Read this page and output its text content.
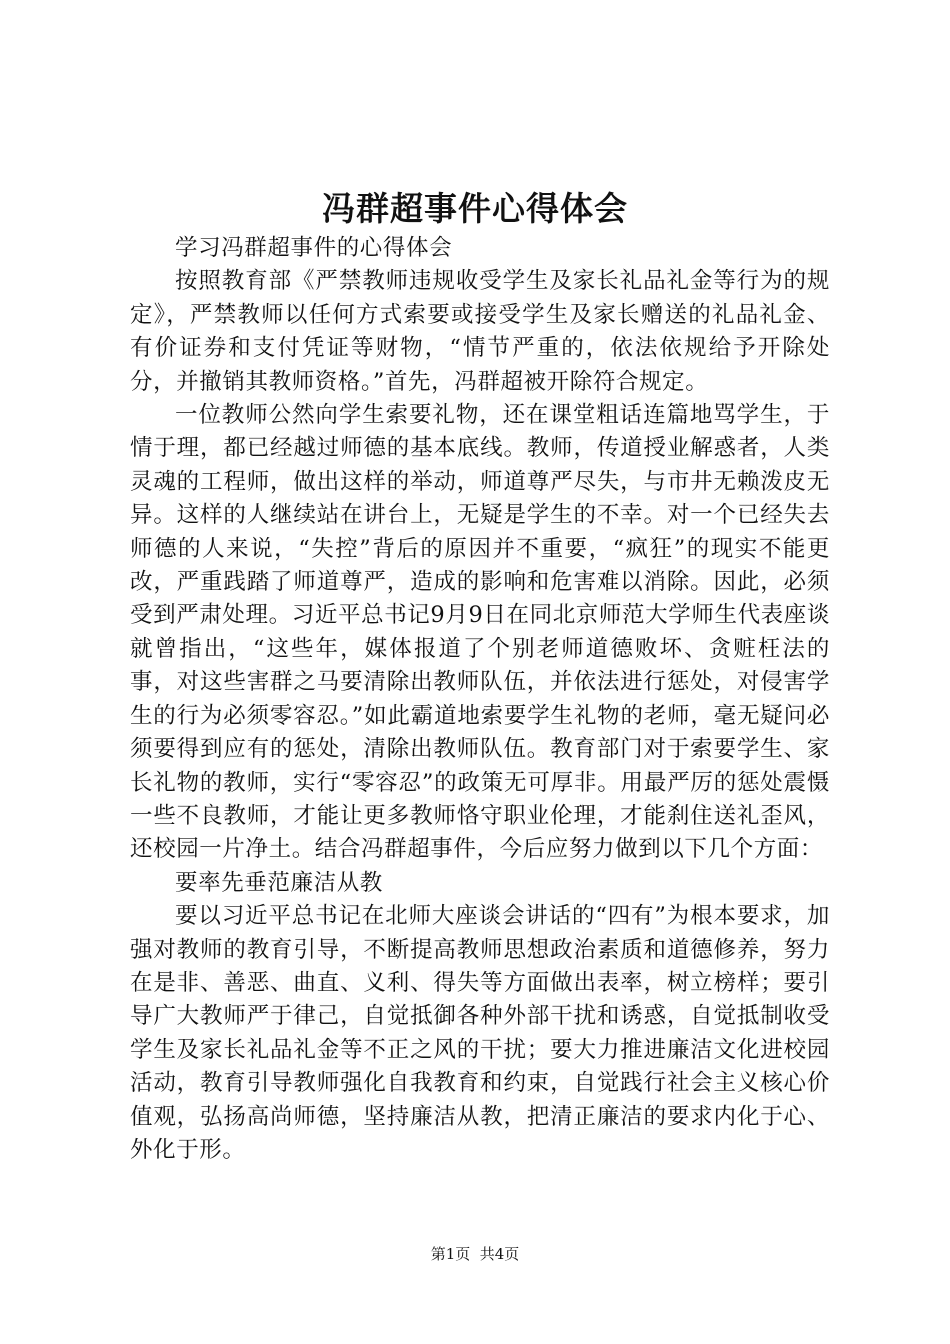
冯群超事件心得体会

学习冯群超事件的心得体会

按照教育部《严禁教师违规收受学生及家长礼品礼金等行为的规定》，严禁教师以任何方式索要或接受学生及家长赠送的礼品礼金、有价证券和支付凭证等财物，“情节严重的，依法依规给予开除处分，并撤销其教师资格。”首先，冯群超被开除符合规定。

一位教师公然向学生索要礼物，还在课堂粗话连篇地骂学生，于情于理，都已经越过师德的基本底线。教师，传道授业解惑者，人类灵魂的工程师，做出这样的举动，师道尊严尽失，与市井无赖泼皮无异。这样的人继续站在讲台上，无疑是学生的不幸。对一个已经失去师德的人来说，“失控”背后的原因并不重要，“疯狂”的现实不能更改，严重践踏了师道尊严，造成的影响和危害难以消除。因此，必须受到严肃处理。习近平总书记9月9日在同北京师范大学师生代表座谈就曾指出，“这些年，媒体报道了个别老师道德败坏、贪赃枉法的事，对这些害群之马要清除出教师队伍，并依法进行惩处，对侵害学生的行为必须零容忍。”如此霸道地索要学生礼物的老师，毫无疑问必须要得到应有的惩处，清除出教师队伍。教育部门对于索要学生、家长礼物的教师，实行“零容忍”的政策无可厚非。用最严厉的惩处震慑一些不良教师，才能让更多教师恪守职业伦理，才能刹住送礼歪风，还校园一片净土。结合冯群超事件，今后应努力做到以下几个方面：

要率先垂范廉洁从教

要以习近平总书记在北师大座谈会讲话的“四有”为根本要求，加强对教师的教育引导，不断提高教师思想政治素质和道德修养，努力在是非、善恶、曲直、义利、得失等方面做出表率，树立榜样；要引导广大教师严于律己，自觉抵御各种外部干扰和诱惑，自觉抵制收受学生及家长礼品礼金等不正之风的干扰；要大力推进廉洁文化进校园活动，教育引导教师强化自我教育和约束，自觉践行社会主义核心价值观，弘扬高尚师德，坚持廉洁从教，把清正廉洁的要求内化于心、外化于形。

第1页  共4页
